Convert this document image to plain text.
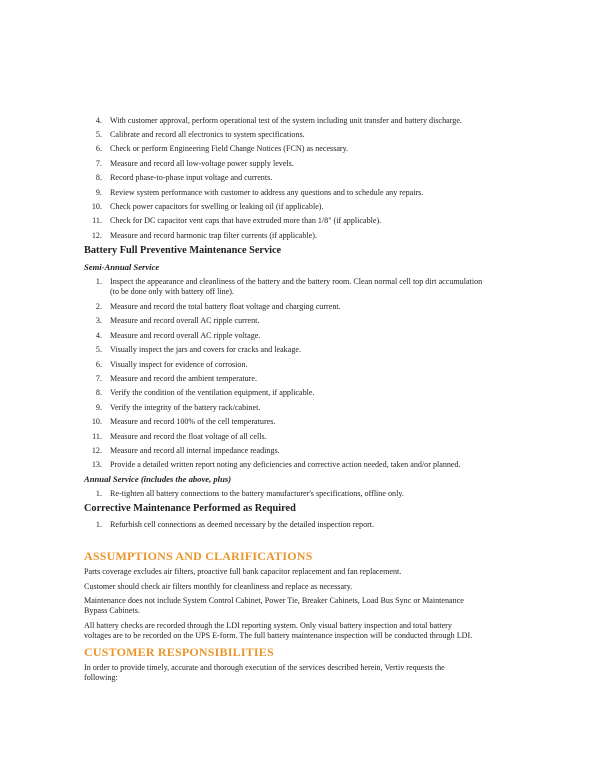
4. With customer approval, perform operational test of the system including unit transfer and battery discharge.
5. Calibrate and record all electronics to system specifications.
6. Check or perform Engineering Field Change Notices (FCN) as necessary.
7. Measure and record all low-voltage power supply levels.
8. Record phase-to-phase input voltage and currents.
9. Review system performance with customer to address any questions and to schedule any repairs.
10. Check power capacitors for swelling or leaking oil (if applicable).
11. Check for DC capacitor vent caps that have extruded more than 1/8" (if applicable).
12. Measure and record harmonic trap filter currents (if applicable).
Battery Full Preventive Maintenance Service
Semi-Annual Service
1. Inspect the appearance and cleanliness of the battery and the battery room. Clean normal cell top dirt accumulation
(to be done only with battery off line).
2. Measure and record the total battery float voltage and charging current.
3. Measure and record overall AC ripple current.
4. Measure and record overall AC ripple voltage.
5. Visually inspect the jars and covers for cracks and leakage.
6. Visually inspect for evidence of corrosion.
7. Measure and record the ambient temperature.
8. Verify the condition of the ventilation equipment, if applicable.
9. Verify the integrity of the battery rack/cabinet.
10. Measure and record 100% of the cell temperatures.
11. Measure and record the float voltage of all cells.
12. Measure and record all internal impedance readings.
13. Provide a detailed written report noting any deficiencies and corrective action needed, taken and/or planned.
Annual Service (includes the above, plus)
1. Re-tighten all battery connections to the battery manufacturer's specifications, offline only.
Corrective Maintenance Performed as Required
1. Refurbish cell connections as deemed necessary by the detailed inspection report.
ASSUMPTIONS AND CLARIFICATIONS
Parts coverage excludes air filters, proactive full bank capacitor replacement and fan replacement.
Customer should check air filters monthly for cleanliness and replace as necessary.
Maintenance does not include System Control Cabinet, Power Tie, Breaker Cabinets, Load Bus Sync or Maintenance
Bypass Cabinets.
All battery checks are recorded through the LDI reporting system. Only visual battery inspection and total battery
voltages are to be recorded on the UPS E-form. The full battery maintenance inspection will be conducted through LDI.
CUSTOMER RESPONSIBILITIES
In order to provide timely, accurate and thorough execution of the services described herein, Vertiv requests the
following:
